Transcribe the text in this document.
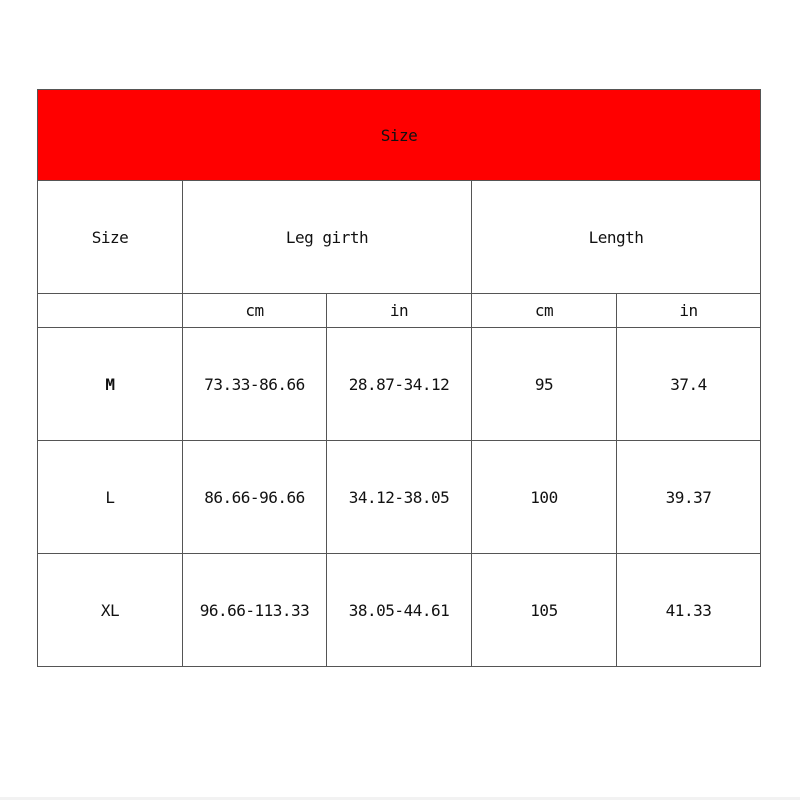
Size				
Size	Leg girth		Length	
	cm	in	cm	in
M	73.33-86.66	28.87-34.12	95	37.4
L	86.66-96.66	34.12-38.05	100	39.37
XL	96.66-113.33	38.05-44.61	105	41.33
